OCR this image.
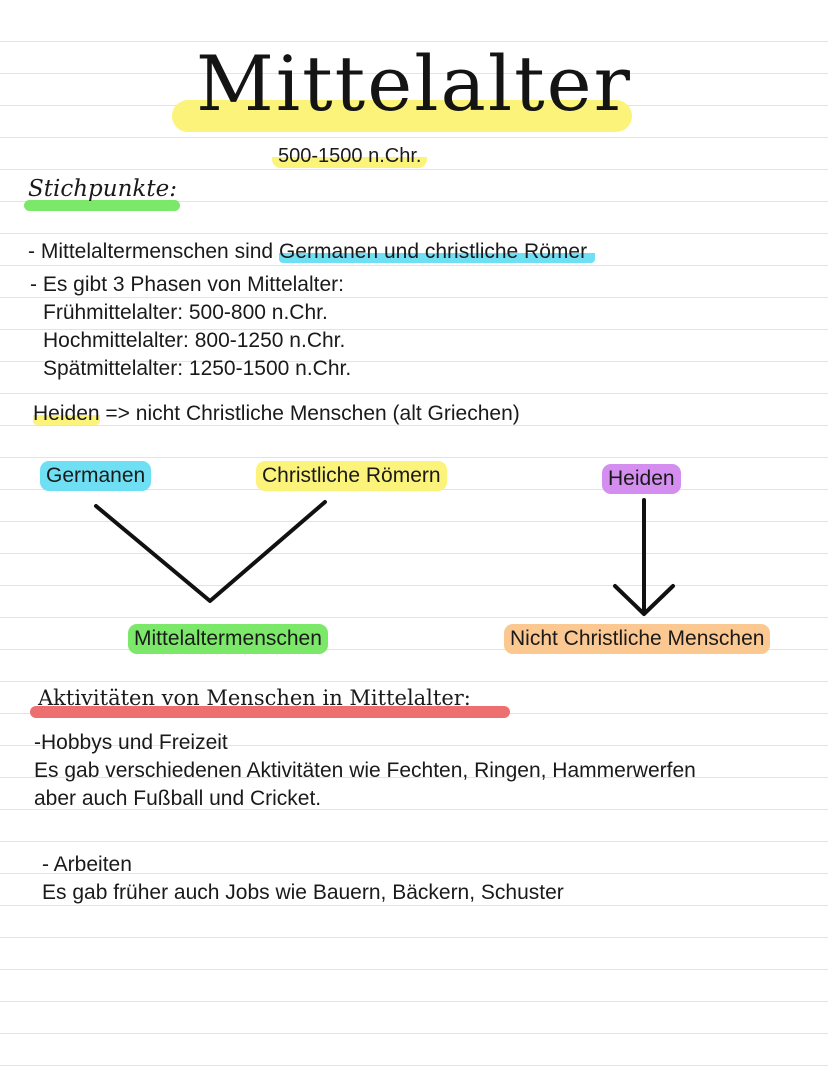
Mittelalter
500-1500 n.Chr.
Stichpunkte:
- Mittelaltermenschen sind Germanen und christliche Römer
- Es gibt 3 Phasen von Mittelalter:
Frühmittelalter: 500-800 n.Chr.
Hochmittelalter: 800-1250 n.Chr.
Spätmittelalter: 1250-1500 n.Chr.
Heiden => nicht Christliche Menschen (alt Griechen)
Germanen	Christliche Römern	Heiden
Mittelaltermenschen	Nicht Christliche Menschen
Aktivitäten von Menschen in Mittelalter:
-Hobbys und Freizeit
Es gab verschiedenen Aktivitäten wie Fechten, Ringen, Hammerwerfen
aber auch Fußball und Cricket.
- Arbeiten
Es gab früher auch Jobs wie Bauern, Bäckern, Schuster
